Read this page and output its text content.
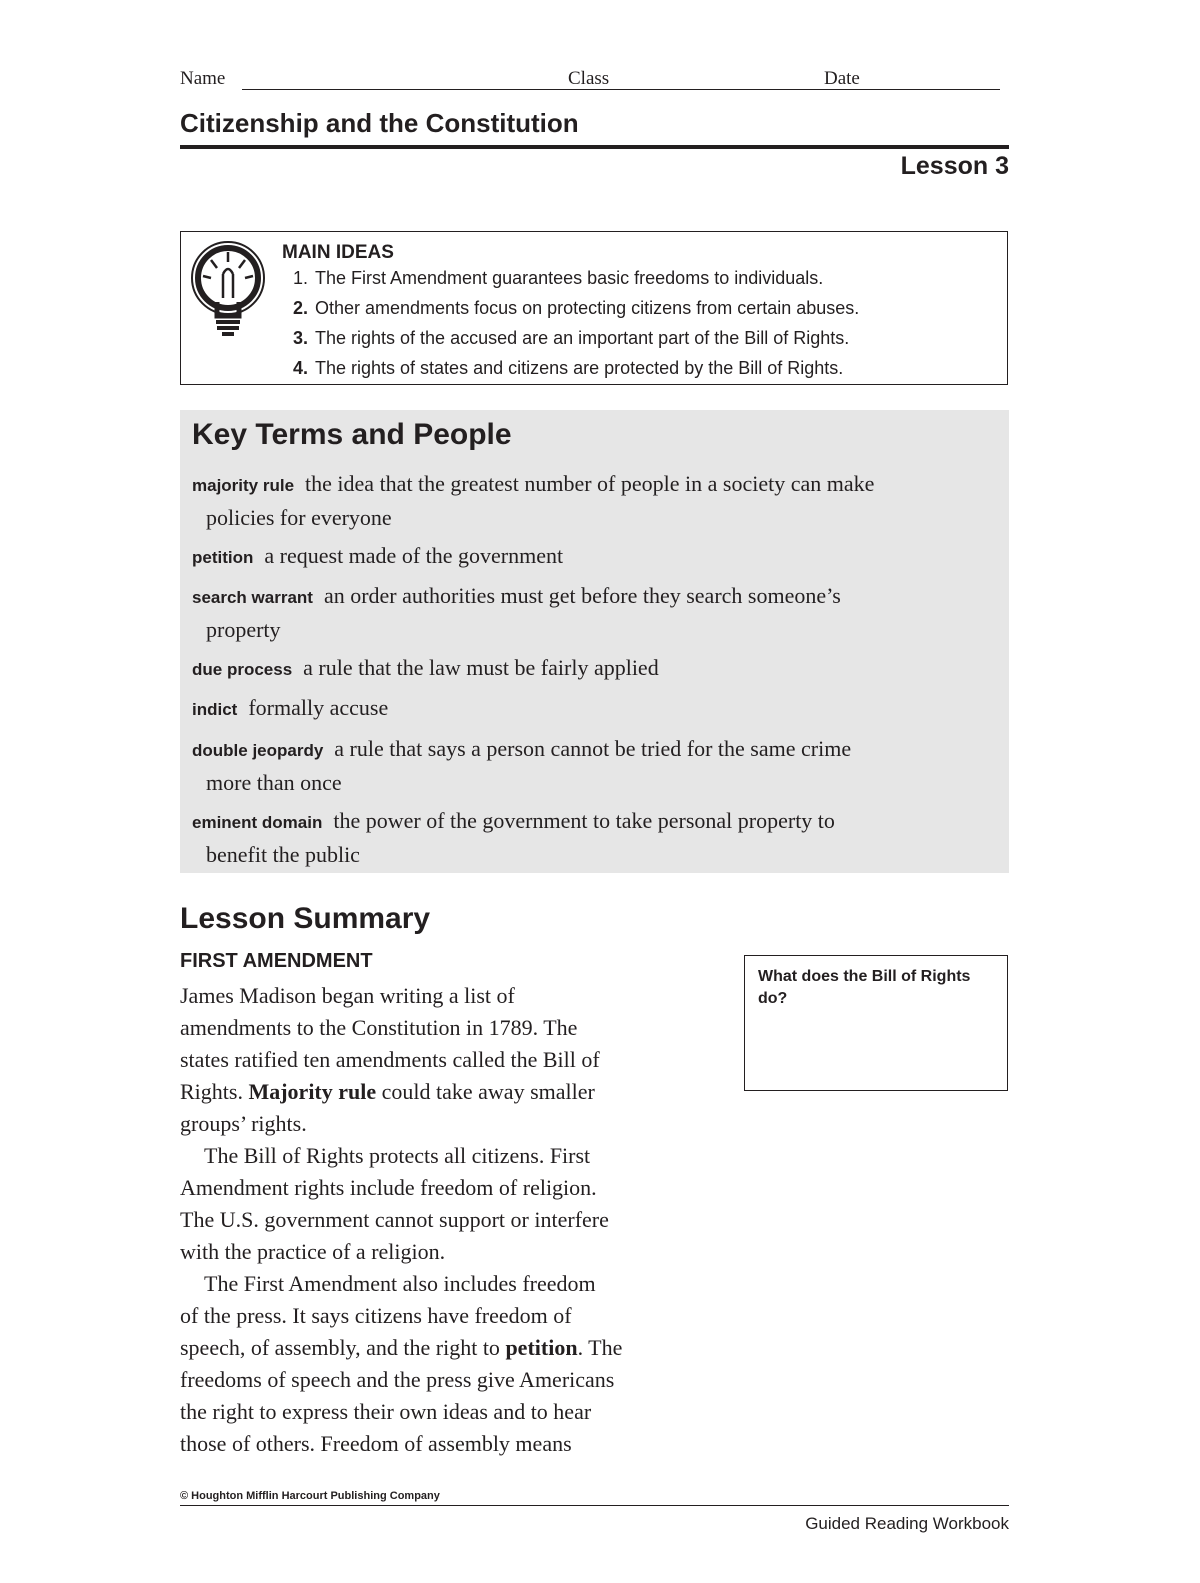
Name	Class	Date
Citizenship and the Constitution
Lesson 3
MAIN IDEAS
1. The First Amendment guarantees basic freedoms to individuals.
2. Other amendments focus on protecting citizens from certain abuses.
3. The rights of the accused are an important part of the Bill of Rights.
4. The rights of states and citizens are protected by the Bill of Rights.
Key Terms and People
majority rule the idea that the greatest number of people in a society can make
policies for everyone
petition a request made of the government
search warrant an order authorities must get before they search someone’s
property
due process a rule that the law must be fairly applied
indict formally accuse
double jeopardy a rule that says a person cannot be tried for the same crime
more than once
eminent domain the power of the government to take personal property to
benefit the public
Lesson Summary
FIRST AMENDMENT
James Madison began writing a list of
amendments to the Constitution in 1789. The
states ratified ten amendments called the Bill of
Rights. Majority rule could take away smaller
groups’ rights.
The Bill of Rights protects all citizens. First
Amendment rights include freedom of religion.
The U.S. government cannot support or interfere
with the practice of a religion.
The First Amendment also includes freedom
of the press. It says citizens have freedom of
speech, of assembly, and the right to petition. The
freedoms of speech and the press give Americans
the right to express their own ideas and to hear
those of others. Freedom of assembly means
What does the Bill of Rights do?
© Houghton Mifflin Harcourt Publishing Company
Guided Reading Workbook
